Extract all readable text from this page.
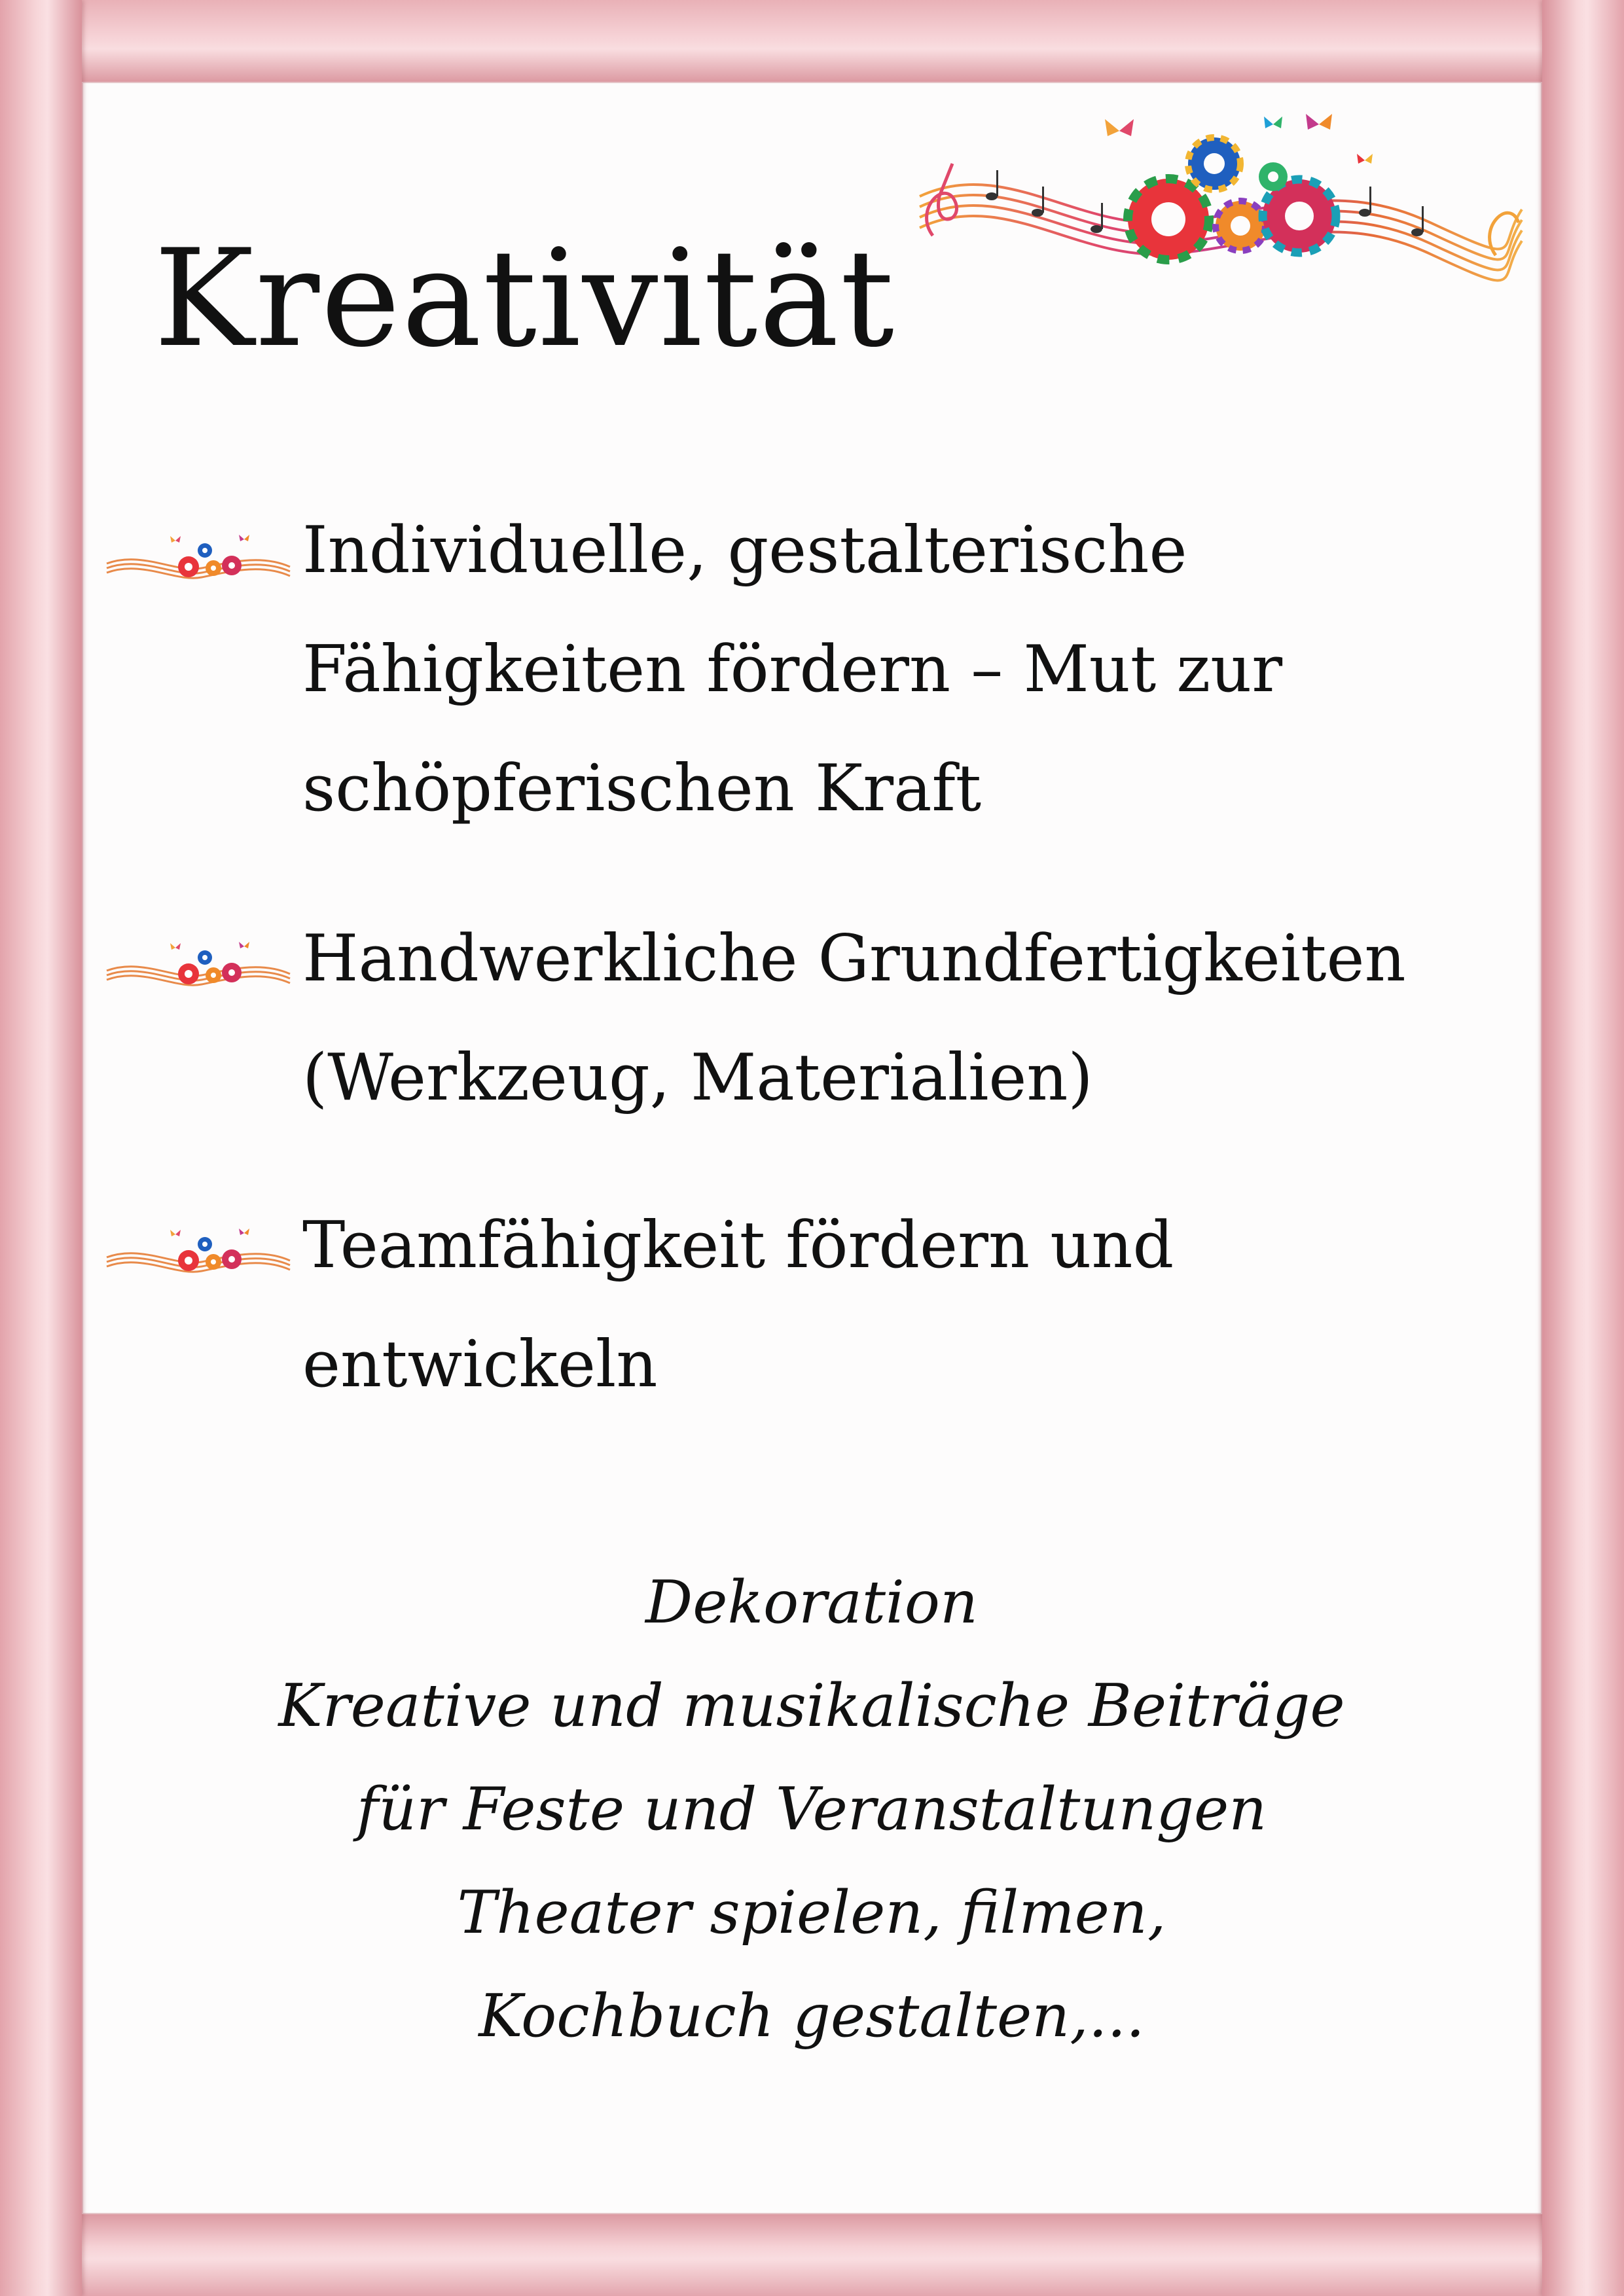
Kreativität
Individuelle, gestalterische
Fähigkeiten fördern – Mut zur
schöpferischen Kraft
Handwerkliche Grundfertigkeiten
(Werkzeug, Materialien)
Teamfähigkeit fördern und
entwickeln
Dekoration
Kreative und musikalische Beiträge
für Feste und Veranstaltungen
Theater spielen, filmen,
Kochbuch gestalten,...
